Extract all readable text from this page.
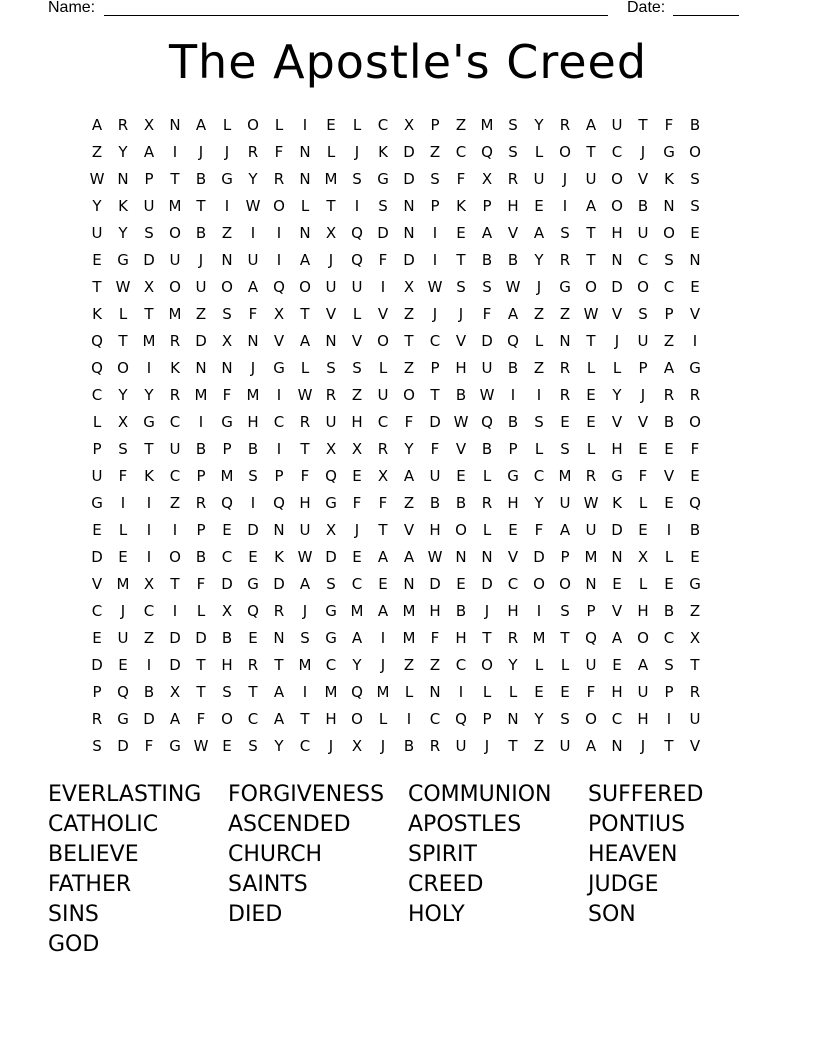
Name:	Date:
The Apostle's Creed
A	R	X	N	A	L	O	L	I	E	L	C	X	P	Z M S	Y	R	A	U	T	F	B
Z	Y	A	I	J	J	R	F	N	L	J	K	D	Z	C Q	S	L	O	T	C	J	G O
W N	P	T	B	G	Y	R	N M S	G D	S	F	X	R	U	J	U O V	K	S
Y	K	U M T	I	W O	L	T	I	S	N	P	K	P	H	E	I	A O B	N	S
U	Y	S	O B	Z	I	I	N	X Q D N	I	E	A	V	A	S	T	H U O	E
E	G D U	J	N U	I	A	J	Q	F	D	I	T	B	B	Y	R	T	N	C	S	N
T W X O U O A Q O U	U	I	X W S	S W	J	G O D O C	E
K	L	T M Z	S	F	X	T	V	L	V	Z	J	J	F	A	Z	Z W V	S	P	V
Q	T M R	D	X	N	V	A	N	V O	T	C	V	D Q	L	N	T	J	U	Z	I
Q O	I	K	N N	J	G	L	S	S	L	Z	P	H U	B	Z	R	L	L	P	A	G
C	Y	Y	R M	F	M	I	W R	Z	U O	T	B W	I	I	R	E	Y	J	R	R
L	X	G C	I	G H	C	R	U H	C	F	D W Q B	S	E	E	V	V	B O
P	S	T	U	B	P	B	I	T	X	X	R	Y	F	V	B	P	L	S	L	H	E	E	F
U	F	K	C	P	M S	P	F	Q	E	X	A	U	E	L	G C M R G	F	V	E
G	I	I	Z	R Q	I	Q H G	F	F	Z	B	B	R	H	Y	U W K	L	E	Q
E	L	I	I	P	E	D N U	X	J	T	V	H O	L	E	F	A	U D	E	I	B
D	E	I	O B	C	E	K W D	E	A	A W N N	V	D	P	M N	X	L	E
V M X	T	F	D G D	A	S	C	E	N D	E	D C O O N	E	L	E	G
C	J	C	I	L	X Q R	J	G M A M H	B	J	H	I	S	P	V	H	B	Z
E	U	Z	D D	B	E	N	S	G	A	I	M	F	H	T	R M T	Q A O C	X
D	E	I	D	T	H	R	T M C	Y	J	Z	Z	C O	Y	L	L	U	E	A	S	T
P	Q B	X	T	S	T	A	I	M Q M	L	N	I	L	L	E	E	F	H U	P	R
R G D	A	F	O C	A	T	H O	L	I	C Q	P	N	Y	S	O C	H	I	U
S	D	F	G W E	S	Y	C	J	X	J	B	R	U	J	T	Z	U	A	N	J	T	V
EVERLASTING	FORGIVENESS	COMMUNION	SUFFERED
CATHOLIC	ASCENDED	APOSTLES	PONTIUS
BELIEVE	CHURCH	SPIRIT	HEAVEN
FATHER	SAINTS	CREED	JUDGE
SINS	DIED	HOLY	SON
GOD
